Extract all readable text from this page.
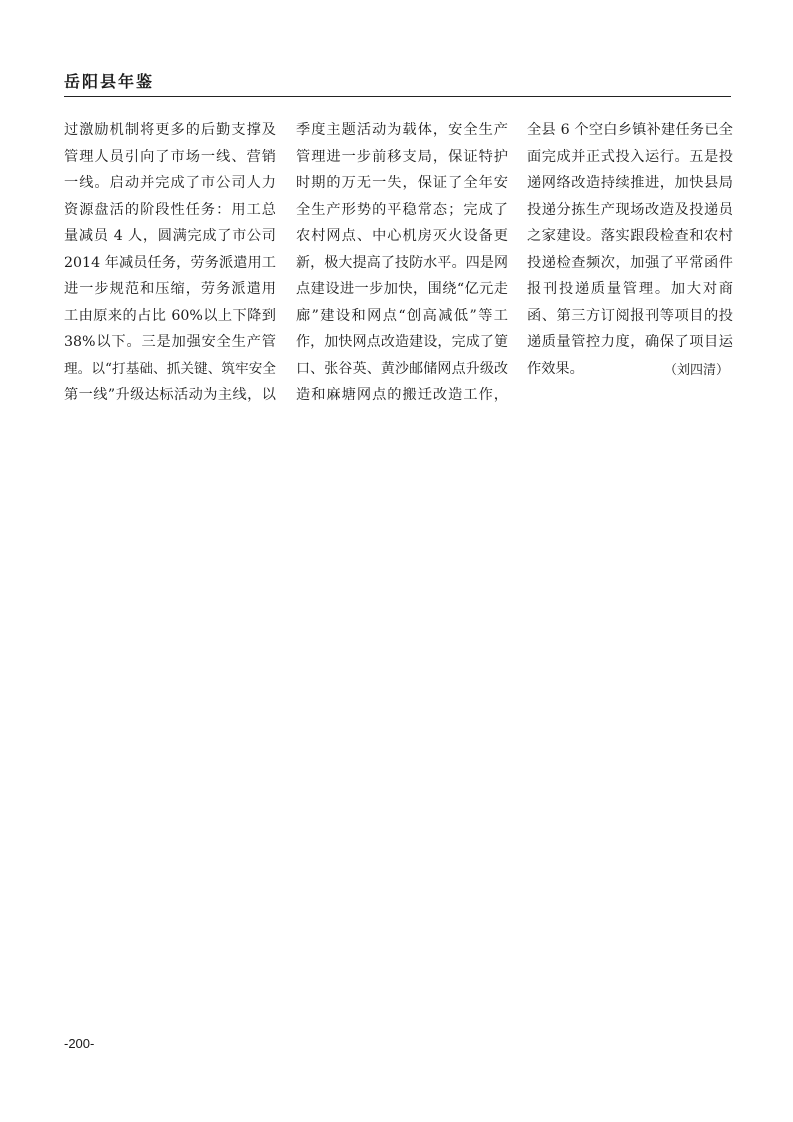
岳阳县年鉴
过激励机制将更多的后勤支撑及
管理人员引向了市场一线、营销
一线。启动并完成了市公司人力
资源盘活的阶段性任务：用工总
量减员 4 人，圆满完成了市公司
2014 年减员任务，劳务派遣用工
进一步规范和压缩，劳务派遣用
工由原来的占比 60%以上下降到
38%以下。三是加强安全生产管
理。以“打基础、抓关键、筑牢安全
第一线”升级达标活动为主线，以
季度主题活动为载体，安全生产
管理进一步前移支局，保证特护
时期的万无一失，保证了全年安
全生产形势的平稳常态；完成了
农村网点、中心机房灭火设备更
新，极大提高了技防水平。四是网
点建设进一步加快，围绕“亿元走
廊”建设和网点“创高减低”等工
作，加快网点改造建设，完成了筻
口、张谷英、黄沙邮储网点升级改
造和麻塘网点的搬迁改造工作，
全县 6 个空白乡镇补建任务已全
面完成并正式投入运行。五是投
递网络改造持续推进，加快县局
投递分拣生产现场改造及投递员
之家建设。落实跟段检查和农村
投递检查频次，加强了平常函件
报刊投递质量管理。加大对商
函、第三方订阅报刊等项目的投
递质量管控力度，确保了项目运
作效果。	（刘四清）
-200-
